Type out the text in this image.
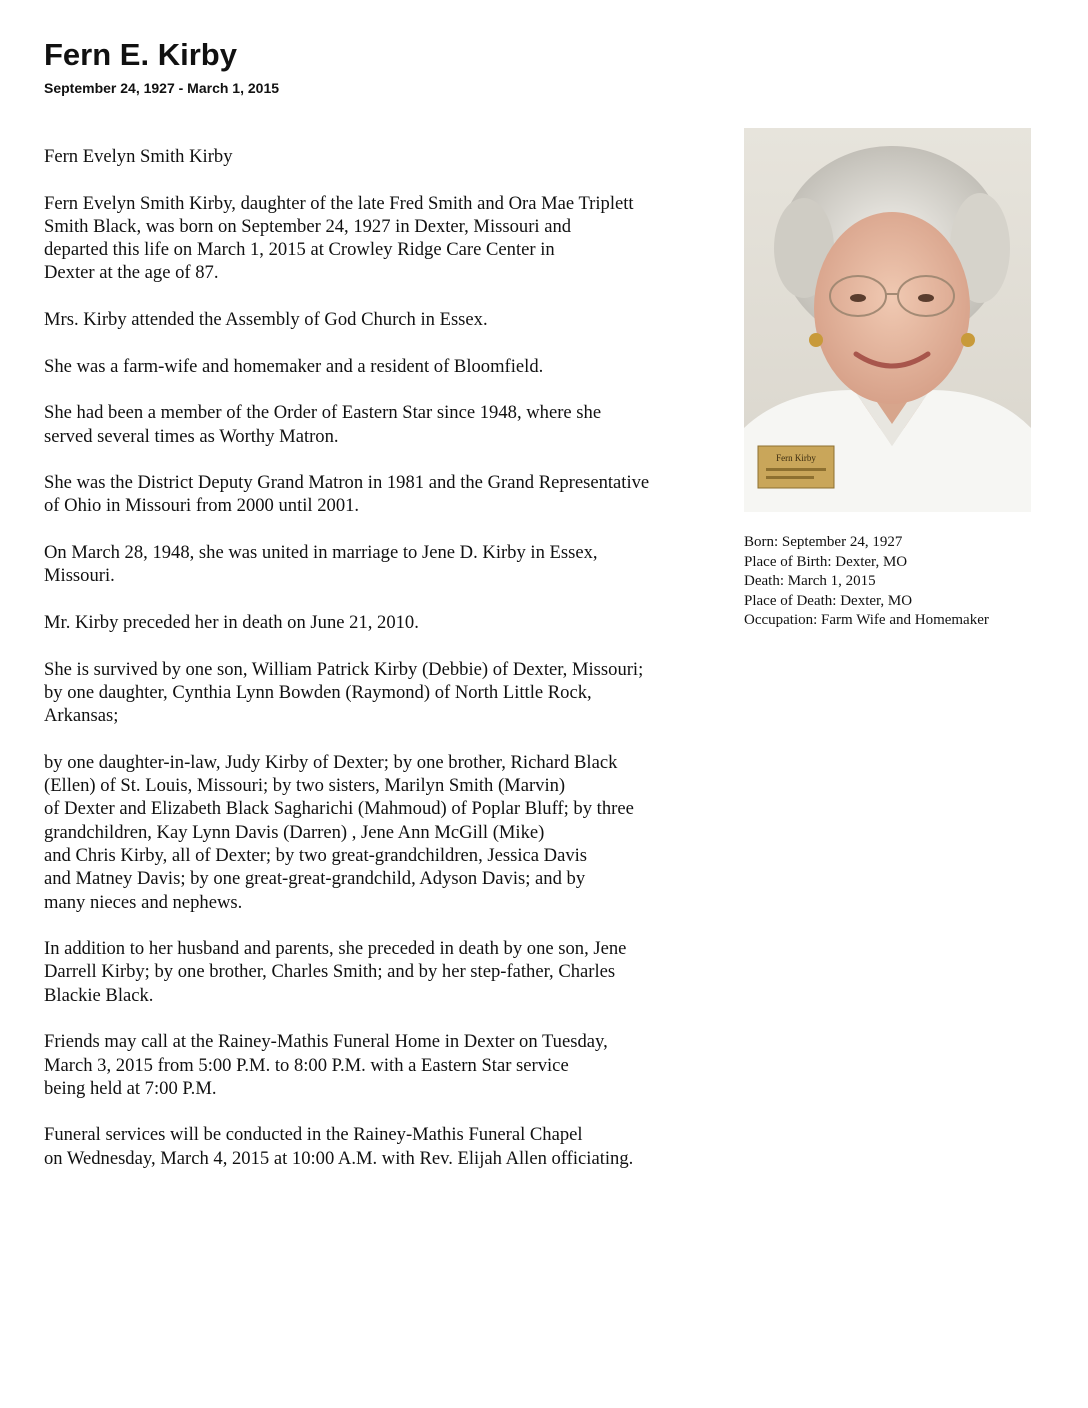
Fern E. Kirby
September 24, 1927 - March 1, 2015

Fern Evelyn Smith Kirby

Fern Evelyn Smith Kirby, daughter of the late Fred Smith and Ora Mae Triplett
Smith Black, was born on September 24, 1927 in Dexter, Missouri and
departed this life on March 1, 2015 at Crowley Ridge Care Center in
Dexter at the age of 87.

Mrs. Kirby attended the Assembly of God Church in Essex.

She was a farm-wife and homemaker and a resident of Bloomfield.

She had been a member of the Order of Eastern Star since 1948, where she
served several times as Worthy Matron.

She was the District Deputy Grand Matron in 1981 and the Grand Representative
of Ohio in Missouri from 2000 until 2001.

On March 28, 1948, she was united in marriage to Jene D. Kirby in Essex,
Missouri.

Mr. Kirby preceded her in death on June 21, 2010.

She is survived by one son, William Patrick Kirby (Debbie) of Dexter, Missouri;
by one daughter, Cynthia Lynn Bowden (Raymond) of North Little Rock,
Arkansas;

by one daughter-in-law, Judy Kirby of Dexter; by one brother, Richard Black
(Ellen) of St. Louis, Missouri; by two sisters, Marilyn Smith (Marvin)
of Dexter and Elizabeth Black Sagharichi (Mahmoud) of Poplar Bluff; by three
grandchildren, Kay Lynn Davis (Darren) , Jene Ann McGill (Mike)
and Chris Kirby, all of Dexter; by two great-grandchildren, Jessica Davis
and Matney Davis; by one great-great-grandchild, Adyson Davis; and by
many nieces and nephews.

In addition to her husband and parents, she preceded in death by one son, Jene
Darrell Kirby; by one brother, Charles Smith; and by her step-father, Charles
Blackie Black.

Friends may call at the Rainey-Mathis Funeral Home in Dexter on Tuesday,
March 3, 2015 from 5:00 P.M. to 8:00 P.M. with a Eastern Star service
being held at 7:00 P.M.

Funeral services will be conducted in the Rainey-Mathis Funeral Chapel
on Wednesday, March 4, 2015 at 10:00 A.M. with Rev. Elijah Allen officiating.

Fern Kirby
Born: September 24, 1927
Place of Birth: Dexter, MO
Death: March 1, 2015
Place of Death: Dexter, MO
Occupation: Farm Wife and Homemaker
